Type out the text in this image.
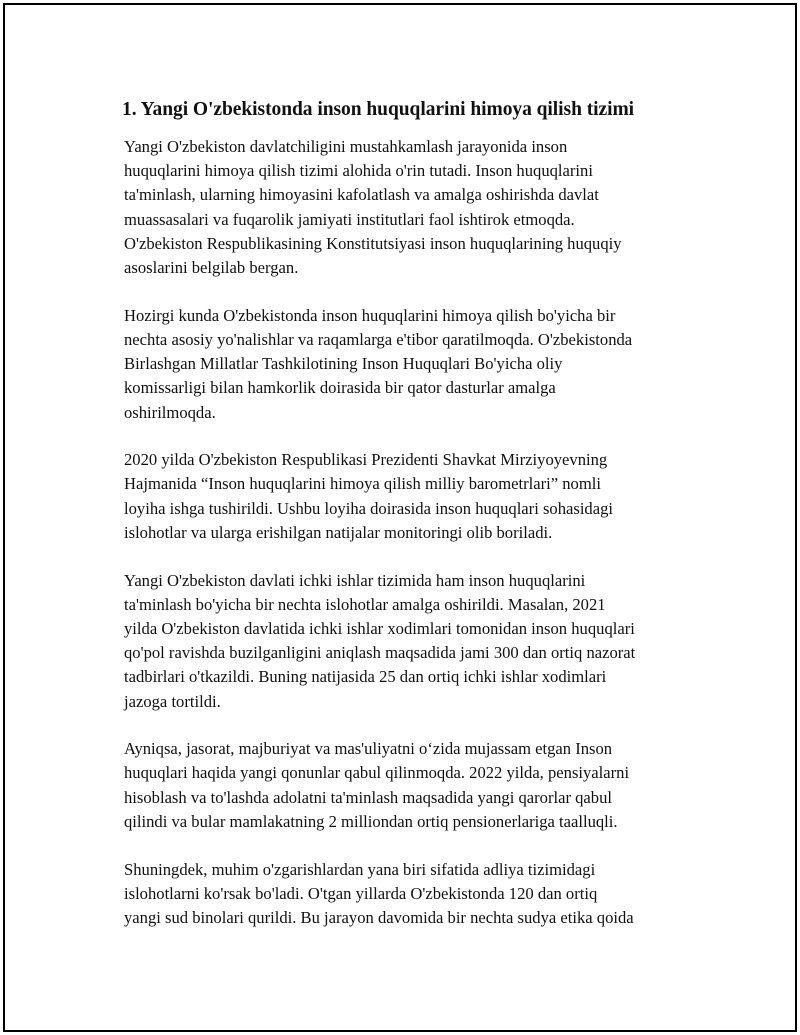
1. Yangi O'zbekistonda inson huquqlarini himoya qilish tizimi

Yangi O'zbekiston davlatchiligini mustahkamlash jarayonida inson
huquqlarini himoya qilish tizimi alohida o'rin tutadi. Inson huquqlarini
ta'minlash, ularning himoyasini kafolatlash va amalga oshirishda davlat
muassasalari va fuqarolik jamiyati institutlari faol ishtirok etmoqda.
O'zbekiston Respublikasining Konstitutsiyasi inson huquqlarining huquqiy
asoslarini belgilab bergan.

Hozirgi kunda O'zbekistonda inson huquqlarini himoya qilish bo'yicha bir
nechta asosiy yo'nalishlar va raqamlarga e'tibor qaratilmoqda. O'zbekistonda
Birlashgan Millatlar Tashkilotining Inson Huquqlari Bo'yicha oliy
komissarligi bilan hamkorlik doirasida bir qator dasturlar amalga
oshirilmoqda.

2020 yilda O'zbekiston Respublikasi Prezidenti Shavkat Mirziyoyevning
Hajmanida “Inson huquqlarini himoya qilish milliy barometrlari” nomli
loyiha ishga tushirildi. Ushbu loyiha doirasida inson huquqlari sohasidagi
islohotlar va ularga erishilgan natijalar monitoringi olib boriladi.

Yangi O'zbekiston davlati ichki ishlar tizimida ham inson huquqlarini
ta'minlash bo'yicha bir nechta islohotlar amalga oshirildi. Masalan, 2021
yilda O'zbekiston davlatida ichki ishlar xodimlari tomonidan inson huquqlari
qo'pol ravishda buzilganligini aniqlash maqsadida jami 300 dan ortiq nazorat
tadbirlari o'tkazildi. Buning natijasida 25 dan ortiq ichki ishlar xodimlari
jazoga tortildi.

Ayniqsa, jasorat, majburiyat va mas'uliyatni o‘zida mujassam etgan Inson
huquqlari haqida yangi qonunlar qabul qilinmoqda. 2022 yilda, pensiyalarni
hisoblash va to'lashda adolatni ta'minlash maqsadida yangi qarorlar qabul
qilindi va bular mamlakatning 2 milliondan ortiq pensionerlariga taalluqli.

Shuningdek, muhim o'zgarishlardan yana biri sifatida adliya tizimidagi
islohotlarni ko'rsak bo'ladi. O'tgan yillarda O'zbekistonda 120 dan ortiq
yangi sud binolari qurildi. Bu jarayon davomida bir nechta sudya etika qoida
